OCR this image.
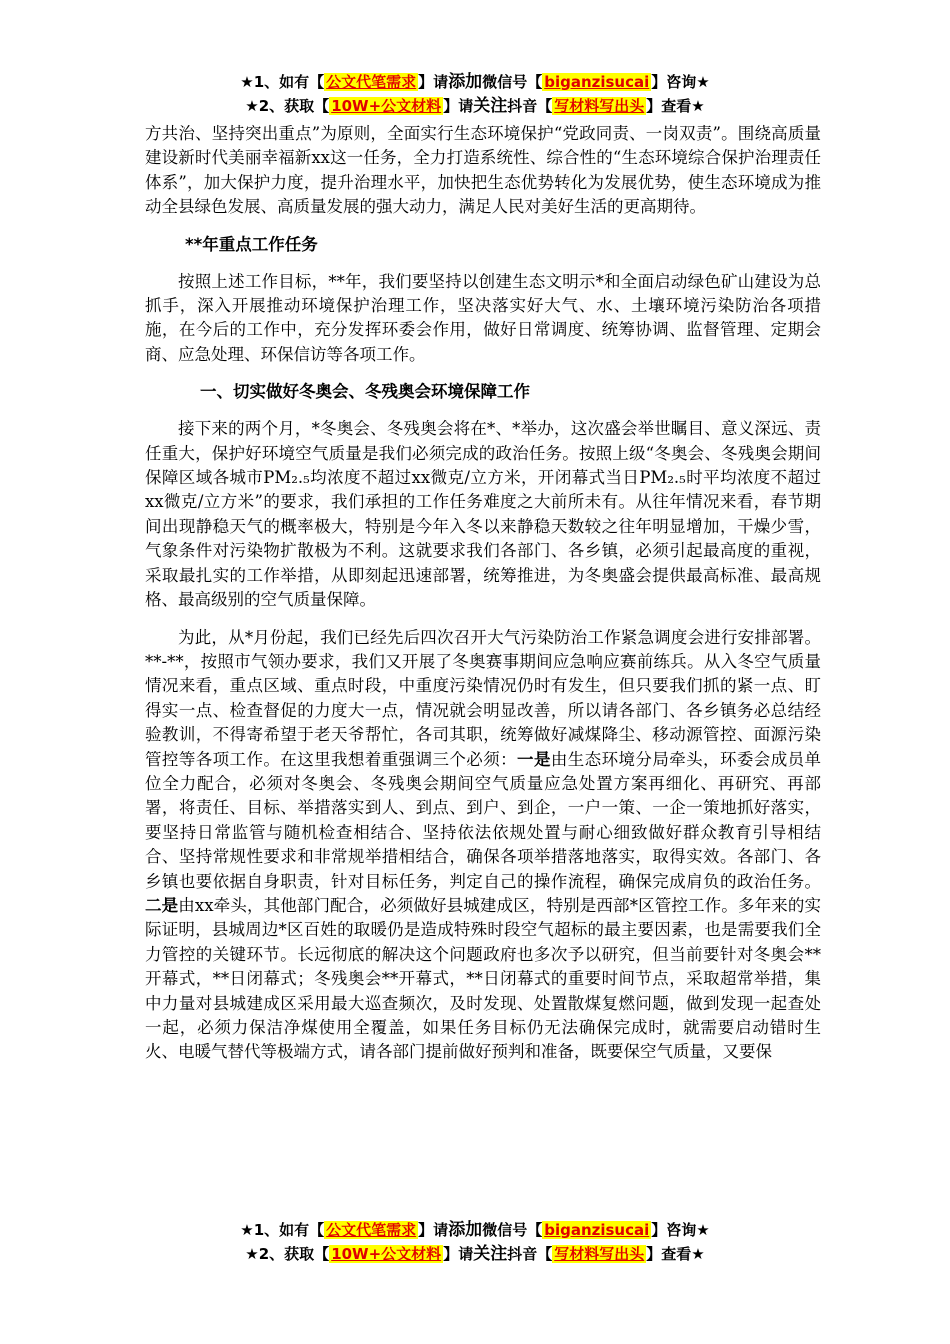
★1、如有【 公文代笔需求 】请添加微信号【 biganzisucai 】咨询★
★2、获取【 10W+公文材料 】请关注抖音【 写材料写出头 】查看★

方共治、坚持突出重点”为原则，全面实行生态环境保护“党政同责、一岗双责”。围绕高质量建设新时代美丽幸福新xx这一任务，全力打造系统性、综合性的“生态环境综合保护治理责任体系”，加大保护力度，提升治理水平，加快把生态优势转化为发展优势，使生态环境成为推动全县绿色发展、高质量发展的强大动力，满足人民对美好生活的更高期待。

**年重点工作任务

按照上述工作目标，**年，我们要坚持以创建生态文明示*和全面启动绿色矿山建设为总抓手，深入开展推动环境保护治理工作，坚决落实好大气、水、土壤环境污染防治各项措施，在今后的工作中，充分发挥环委会作用，做好日常调度、统筹协调、监督管理、定期会商、应急处理、环保信访等各项工作。

一、切实做好冬奥会、冬残奥会环境保障工作

接下来的两个月，*冬奥会、冬残奥会将在*、*举办，这次盛会举世瞩目、意义深远、责任重大，保护好环境空气质量是我们必须完成的政治任务。按照上级“冬奥会、冬残奥会期间保障区域各城市PM₂.₅均浓度不超过xx微克/立方米，开闭幕式当日PM₂.₅时平均浓度不超过xx微克/立方米”的要求，我们承担的工作任务难度之大前所未有。从往年情况来看，春节期间出现静稳天气的概率极大，特别是今年入冬以来静稳天数较之往年明显增加，干燥少雪，气象条件对污染物扩散极为不利。这就要求我们各部门、各乡镇，必须引起最高度的重视，采取最扎实的工作举措，从即刻起迅速部署，统筹推进，为冬奥盛会提供最高标准、最高规格、最高级别的空气质量保障。

为此，从*月份起，我们已经先后四次召开大气污染防治工作紧急调度会进行安排部署。**-**，按照市气领办要求，我们又开展了冬奥赛事期间应急响应赛前练兵。从入冬空气质量情况来看，重点区域、重点时段，中重度污染情况仍时有发生，但只要我们抓的紧一点、盯得实一点、检查督促的力度大一点，情况就会明显改善，所以请各部门、各乡镇务必总结经验教训，不得寄希望于老天爷帮忙，各司其职，统筹做好减煤降尘、移动源管控、面源污染管控等各项工作。在这里我想着重强调三个必须：一是由生态环境分局牵头，环委会成员单位全力配合，必须对冬奥会、冬残奥会期间空气质量应急处置方案再细化、再研究、再部署，将责任、目标、举措落实到人、到点、到户、到企，一户一策、一企一策地抓好落实，要坚持日常监管与随机检查相结合、坚持依法依规处置与耐心细致做好群众教育引导相结合、坚持常规性要求和非常规举措相结合，确保各项举措落地落实，取得实效。各部门、各乡镇也要依据自身职责，针对目标任务，判定自己的操作流程，确保完成肩负的政治任务。二是由xx牵头，其他部门配合，必须做好县城建成区，特别是西部*区管控工作。多年来的实际证明，县城周边*区百姓的取暖仍是造成特殊时段空气超标的最主要因素，也是需要我们全力管控的关键环节。长远彻底的解决这个问题政府也多次予以研究，但当前要针对冬奥会**开幕式，**日闭幕式；冬残奥会**开幕式，**日闭幕式的重要时间节点，采取超常举措，集中力量对县城建成区采用最大巡查频次，及时发现、处置散煤复燃问题，做到发现一起查处一起，必须力保洁净煤使用全覆盖，如果任务目标仍无法确保完成时，就需要启动错时生火、电暖气替代等极端方式，请各部门提前做好预判和准备，既要保空气质量，又要保

★1、如有【 公文代笔需求 】请添加微信号【 biganzisucai 】咨询★
★2、获取【 10W+公文材料 】请关注抖音【 写材料写出头 】查看★
